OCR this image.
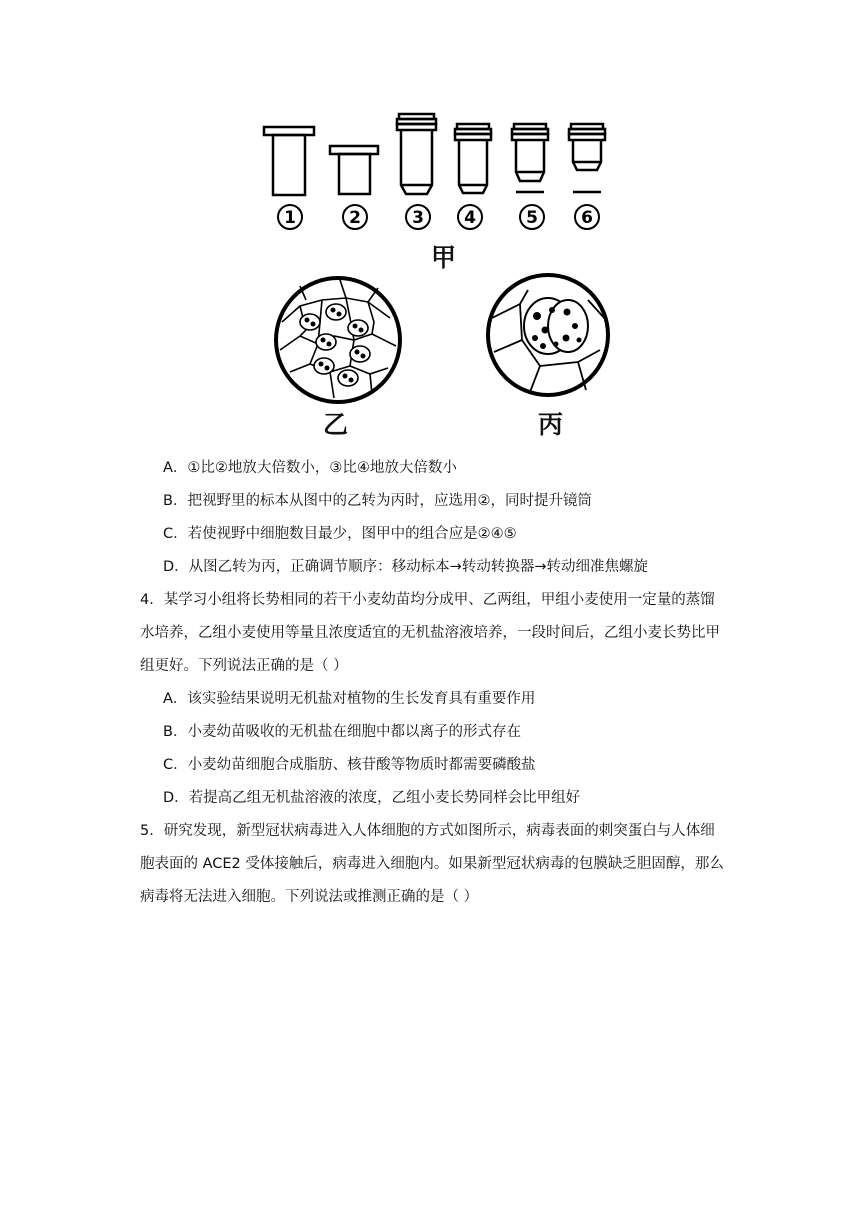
1	2	3 4	5	6
甲
乙	丙
A．①比②地放大倍数小，③比④地放大倍数小
B．把视野里的标本从图中的乙转为丙时，应选用②，同时提升镜筒
C．若使视野中细胞数目最少，图甲中的组合应是②④⑤
D．从图乙转为丙，正确调节顺序：移动标本→转动转换器→转动细准焦螺旋
4．某学习小组将长势相同的若干小麦幼苗均分成甲、乙两组，甲组小麦使用一定量的蒸馏
水培养，乙组小麦使用等量且浓度适宜的无机盐溶液培养，一段时间后，乙组小麦长势比甲
组更好。下列说法正确的是（ ）
A．该实验结果说明无机盐对植物的生长发育具有重要作用
B．小麦幼苗吸收的无机盐在细胞中都以离子的形式存在
C．小麦幼苗细胞合成脂肪、核苷酸等物质时都需要磷酸盐
D．若提高乙组无机盐溶液的浓度，乙组小麦长势同样会比甲组好
5．研究发现，新型冠状病毒进入人体细胞的方式如图所示，病毒表面的刺突蛋白与人体细
胞表面的 ACE2 受体接触后，病毒进入细胞内。如果新型冠状病毒的包膜缺乏胆固醇，那么
病毒将无法进入细胞。下列说法或推测正确的是（ ）
